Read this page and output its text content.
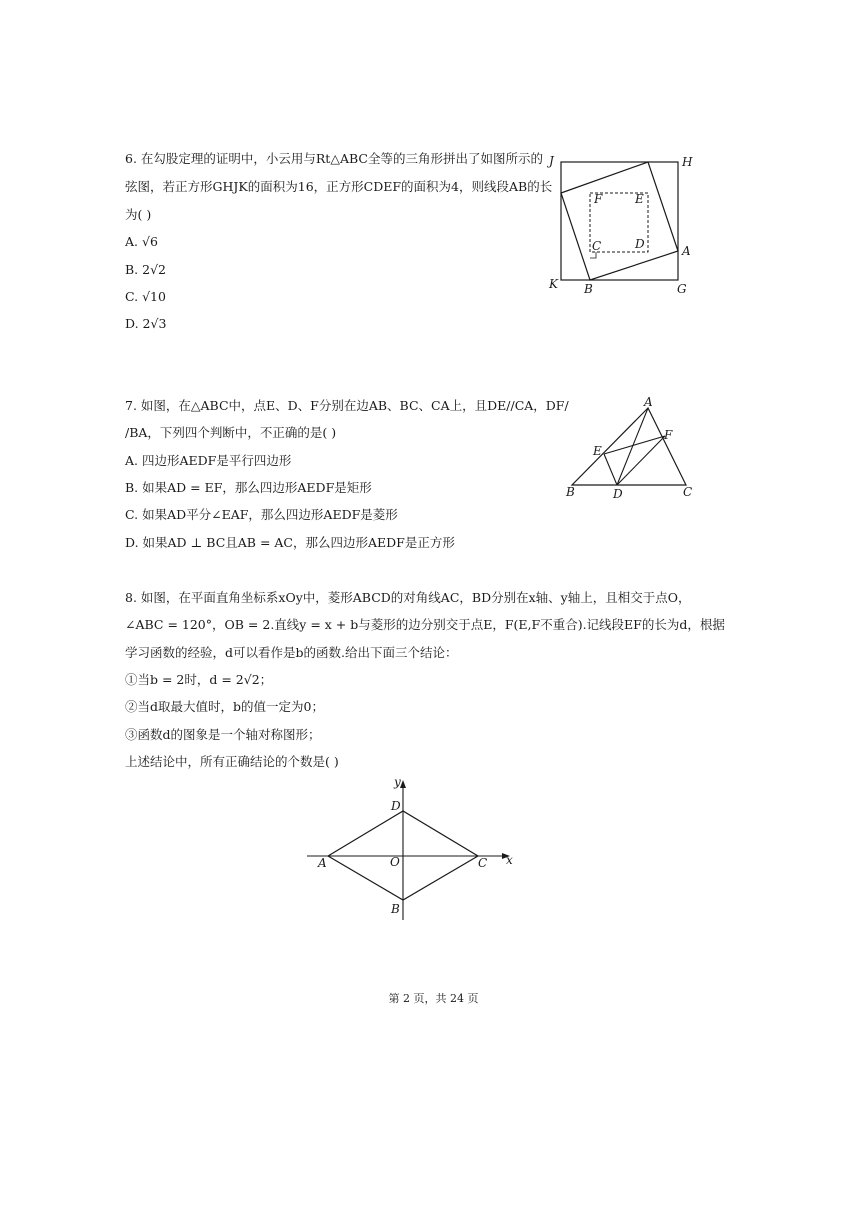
6. 在勾股定理的证明中，小云用与Rt△ABC全等的三角形拼出了如图所示的
弦图，若正方形GHJK的面积为16，正方形CDEF的面积为4，则线段AB的长
为( )
A. √6
B. 2√2
C. √10
D. 2√3
J	H
F	E
C	D	A
K B	G
7. 如图，在△ABC中，点E、D、F分别在边AB、BC、CA上，且DE//CA，DF/
/BA，下列四个判断中，不正确的是( )
A. 四边形AEDF是平行四边形
B. 如果AD = EF，那么四边形AEDF是矩形
C. 如果AD平分∠EAF，那么四边形AEDF是菱形
D. 如果AD ⊥ BC且AB = AC，那么四边形AEDF是正方形
A
F
E
B	D	C
8. 如图，在平面直角坐标系xOy中，菱形ABCD的对角线AC，BD分别在x轴、y轴上，且相交于点O，
∠ABC = 120°，OB = 2.直线y = x + b与菱形的边分别交于点E，F(E,F不重合).记线段EF的长为d，根据
学习函数的经验，d可以看作是b的函数.给出下面三个结论：
①当b = 2时，d = 2√2；
②当d取最大值时，b的值一定为0；
③函数d的图象是一个轴对称图形；
上述结论中，所有正确结论的个数是( )
y
x
D
A	O	C
B
第 2 页，共 24 页
